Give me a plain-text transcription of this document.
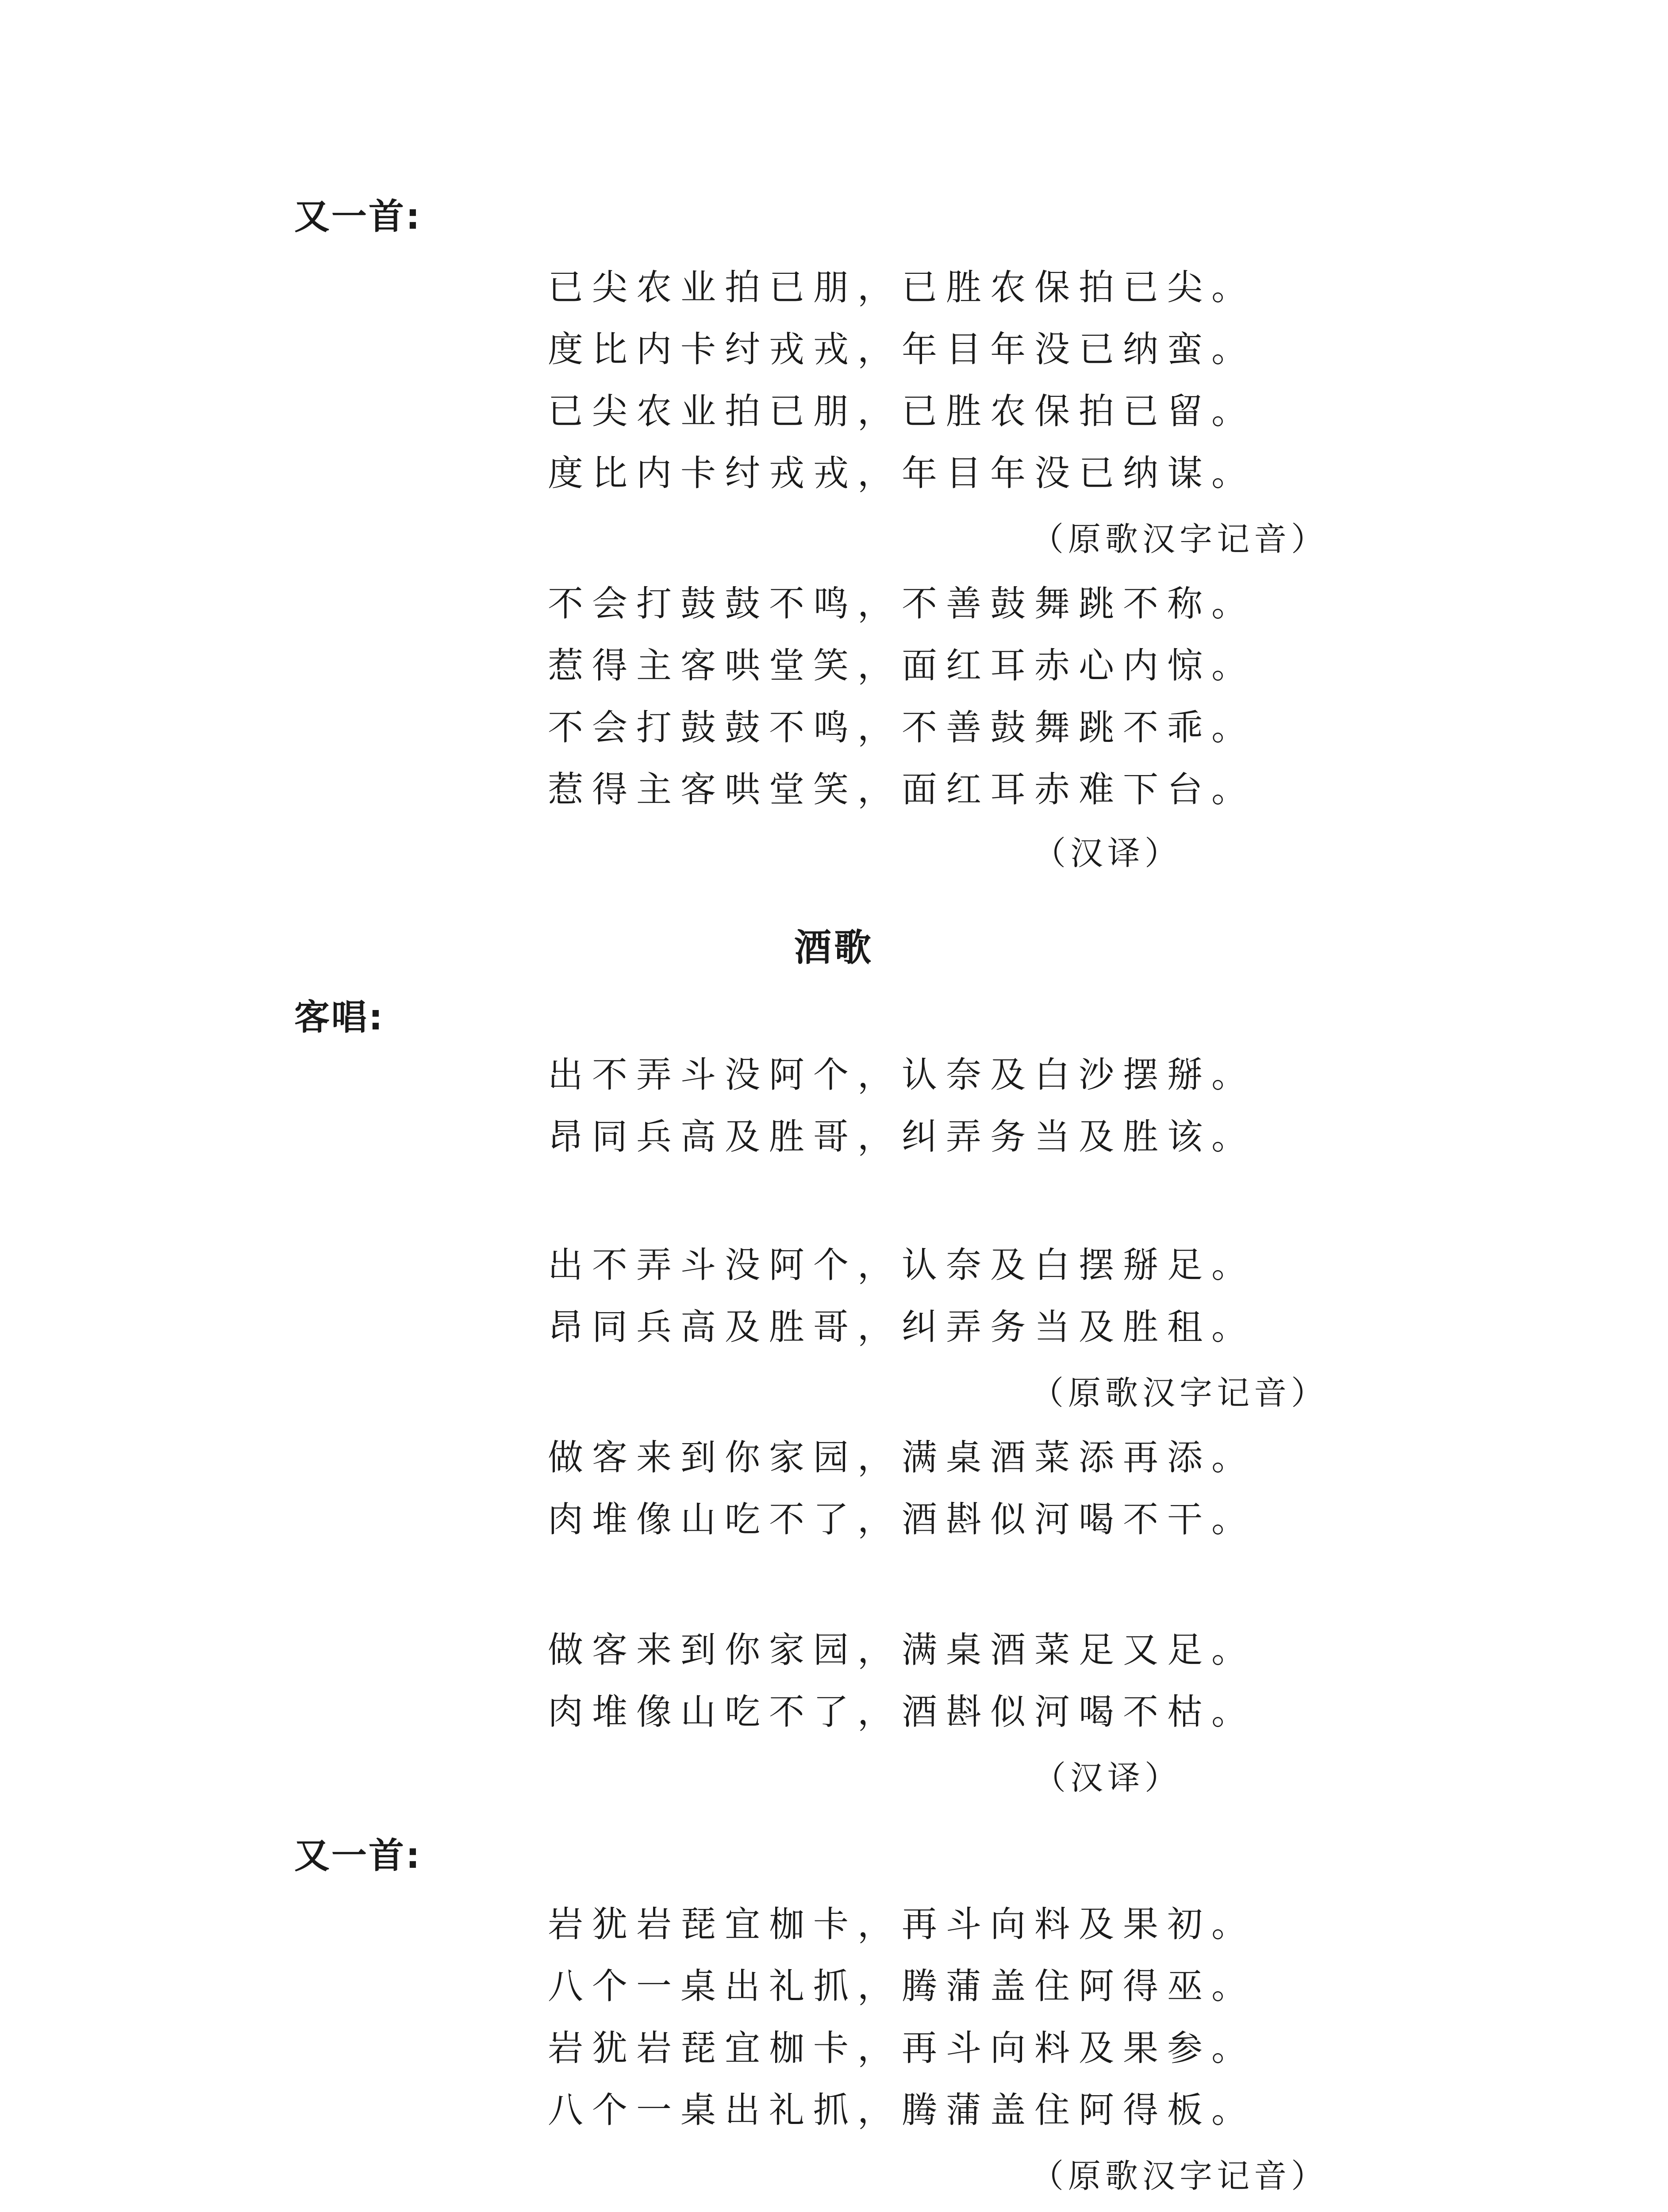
又一首:
已尖农业拍已朋，已胜农保拍已尖。
度比内卡纣戎戎，年目年没已纳蛮。
已尖农业拍已朋，已胜农保拍已留。
度比内卡纣戎戎，年目年没已纳谋。
（原歌汉字记音）
不会打鼓鼓不鸣，不善鼓舞跳不称。
惹得主客哄堂笑，面红耳赤心内惊。
不会打鼓鼓不鸣，不善鼓舞跳不乖。
惹得主客哄堂笑，面红耳赤难下台。
（汉译）
酒歌
客唱:
出不弄斗没阿个，认奈及白沙摆掰。
昂同兵高及胜哥，纠弄务当及胜该。
出不弄斗没阿个，认奈及白摆掰足。
昂同兵高及胜哥，纠弄务当及胜租。
（原歌汉字记音）
做客来到你家园，满桌酒菜添再添。
肉堆像山吃不了，酒斟似河喝不干。
做客来到你家园，满桌酒菜足又足。
肉堆像山吃不了，酒斟似河喝不枯。
（汉译）
又一首:
岩犹岩琵宜枷卡，再斗向料及果初。
八个一桌出礼抓，腾蒲盖住阿得巫。
岩犹岩琵宜枷卡，再斗向料及果参。
八个一桌出礼抓，腾蒲盖住阿得板。
（原歌汉字记音）
